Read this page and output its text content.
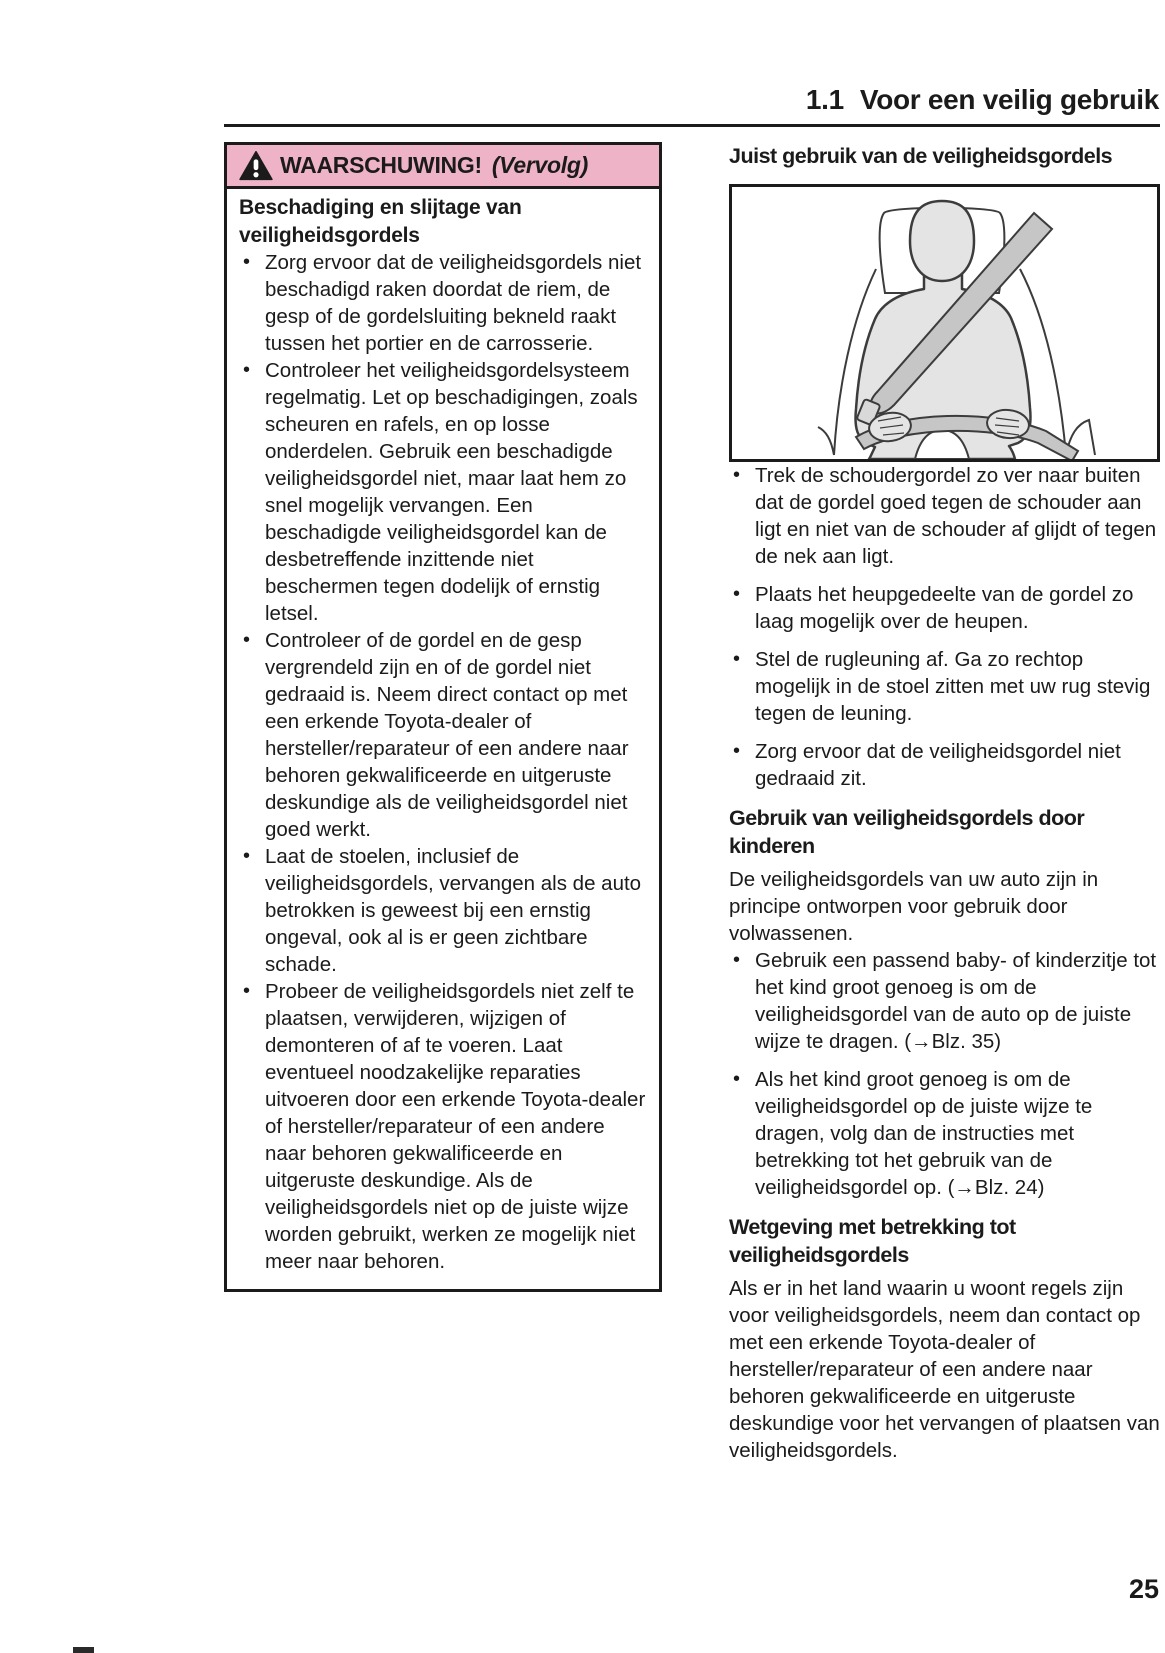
1.1 Voor een veilig gebruik
WAARSCHUWING! (Vervolg)
Beschadiging en slijtage van veiligheidsgordels
• Zorg ervoor dat de veiligheidsgordels niet beschadigd raken doordat de riem, de gesp of de gordelsluiting bekneld raakt tussen het portier en de carrosserie.
• Controleer het veiligheidsgordelsysteem regelmatig. Let op beschadigingen, zoals scheuren en rafels, en op losse onderdelen. Gebruik een beschadigde veiligheidsgordel niet, maar laat hem zo snel mogelijk vervangen. Een beschadigde veiligheidsgordel kan de desbetreffende inzittende niet beschermen tegen dodelijk of ernstig letsel.
• Controleer of de gordel en de gesp vergrendeld zijn en of de gordel niet gedraaid is. Neem direct contact op met een erkende Toyota-dealer of hersteller/reparateur of een andere naar behoren gekwalificeerde en uitgeruste deskundige als de veiligheidsgordel niet goed werkt.
• Laat de stoelen, inclusief de veiligheidsgordels, vervangen als de auto betrokken is geweest bij een ernstig ongeval, ook al is er geen zichtbare schade.
• Probeer de veiligheidsgordels niet zelf te plaatsen, verwijderen, wijzigen of demonteren of af te voeren. Laat eventueel noodzakelijke reparaties uitvoeren door een erkende Toyota-dealer of hersteller/reparateur of een andere naar behoren gekwalificeerde en uitgeruste deskundige. Als de veiligheidsgordels niet op de juiste wijze worden gebruikt, werken ze mogelijk niet meer naar behoren.
Juist gebruik van de veiligheidsgordels
• Trek de schoudergordel zo ver naar buiten dat de gordel goed tegen de schouder aan ligt en niet van de schouder af glijdt of tegen de nek aan ligt.
• Plaats het heupgedeelte van de gordel zo laag mogelijk over de heupen.
• Stel de rugleuning af. Ga zo rechtop mogelijk in de stoel zitten met uw rug stevig tegen de leuning.
• Zorg ervoor dat de veiligheidsgordel niet gedraaid zit.
Gebruik van veiligheidsgordels door kinderen

De veiligheidsgordels van uw auto zijn in principe ontworpen voor gebruik door volwassenen.

• Gebruik een passend baby- of kinderzitje tot het kind groot genoeg is om de veiligheidsgordel van de auto op de juiste wijze te dragen. (→Blz. 35)
• Als het kind groot genoeg is om de veiligheidsgordel op de juiste wijze te dragen, volg dan de instructies met betrekking tot het gebruik van de veiligheidsgordel op. (→Blz. 24)
Wetgeving met betrekking tot veiligheidsgordels

Als er in het land waarin u woont regels zijn voor veiligheidsgordels, neem dan contact op met een erkende Toyota-dealer of hersteller/reparateur of een andere naar behoren gekwalificeerde en uitgeruste deskundige voor het vervangen of plaatsen van veiligheidsgordels.

25
